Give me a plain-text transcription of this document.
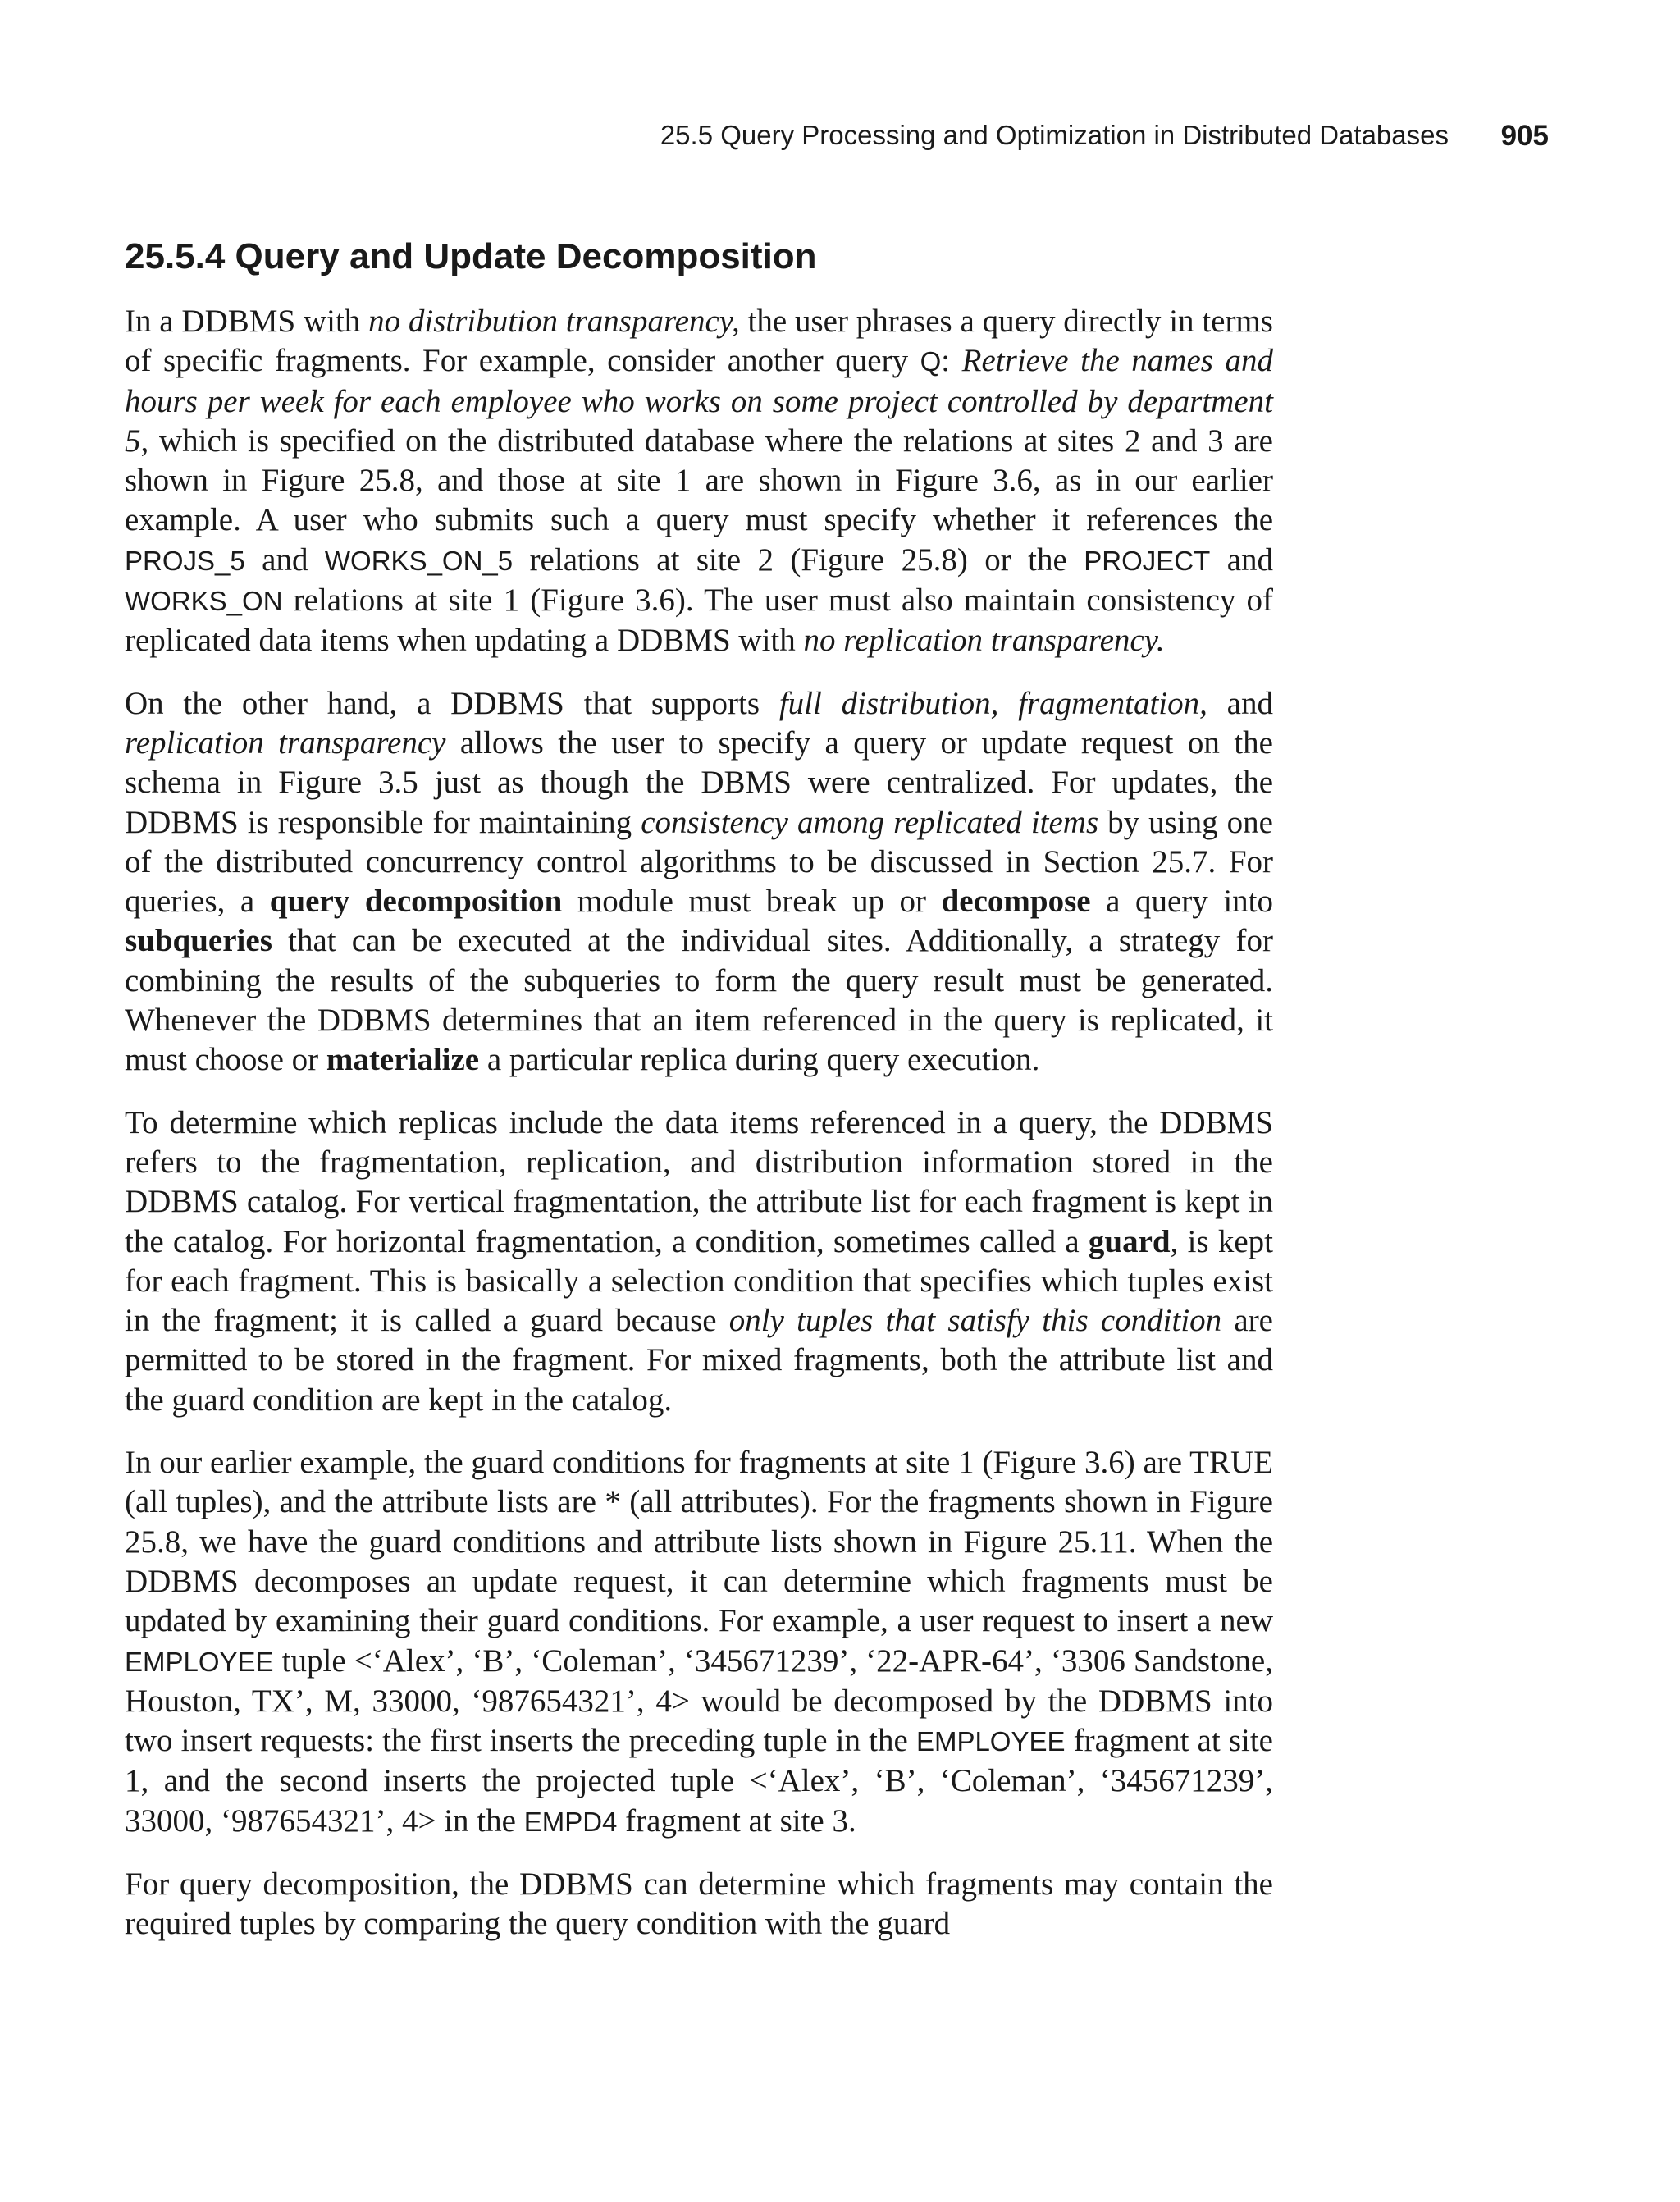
25.5 Query Processing and Optimization in Distributed Databases 905
25.5.4 Query and Update Decomposition

In a DDBMS with no distribution transparency, the user phrases a query directly in terms of specific fragments. For example, consider another query Q: Retrieve the names and hours per week for each employee who works on some project controlled by department 5, which is specified on the distributed database where the relations at sites 2 and 3 are shown in Figure 25.8, and those at site 1 are shown in Figure 3.6, as in our earlier example. A user who submits such a query must specify whether it references the PROJS_5 and WORKS_ON_5 relations at site 2 (Figure 25.8) or the PROJECT and WORKS_ON relations at site 1 (Figure 3.6). The user must also maintain consistency of replicated data items when updating a DDBMS with no replication transparency.

On the other hand, a DDBMS that supports full distribution, fragmentation, and replication transparency allows the user to specify a query or update request on the schema in Figure 3.5 just as though the DBMS were centralized. For updates, the DDBMS is responsible for maintaining consistency among replicated items by using one of the distributed concurrency control algorithms to be discussed in Section 25.7. For queries, a query decomposition module must break up or decompose a query into subqueries that can be executed at the individual sites. Additionally, a strategy for combining the results of the subqueries to form the query result must be generated. Whenever the DDBMS determines that an item referenced in the query is replicated, it must choose or materialize a particular replica during query execution.

To determine which replicas include the data items referenced in a query, the DDBMS refers to the fragmentation, replication, and distribution information stored in the DDBMS catalog. For vertical fragmentation, the attribute list for each fragment is kept in the catalog. For horizontal fragmentation, a condition, sometimes called a guard, is kept for each fragment. This is basically a selection condition that specifies which tuples exist in the fragment; it is called a guard because only tuples that satisfy this condition are permitted to be stored in the fragment. For mixed fragments, both the attribute list and the guard condition are kept in the catalog.

In our earlier example, the guard conditions for fragments at site 1 (Figure 3.6) are TRUE (all tuples), and the attribute lists are * (all attributes). For the fragments shown in Figure 25.8, we have the guard conditions and attribute lists shown in Figure 25.11. When the DDBMS decomposes an update request, it can determine which fragments must be updated by examining their guard conditions. For example, a user request to insert a new EMPLOYEE tuple <‘Alex’, ‘B’, ‘Coleman’, ‘345671239’, ‘22-APR-64’, ‘3306 Sandstone, Houston, TX’, M, 33000, ‘987654321’, 4> would be decomposed by the DDBMS into two insert requests: the first inserts the preceding tuple in the EMPLOYEE fragment at site 1, and the second inserts the projected tuple <‘Alex’, ‘B’, ‘Coleman’, ‘345671239’, 33000, ‘987654321’, 4> in the EMPD4 fragment at site 3.

For query decomposition, the DDBMS can determine which fragments may contain the required tuples by comparing the query condition with the guard
